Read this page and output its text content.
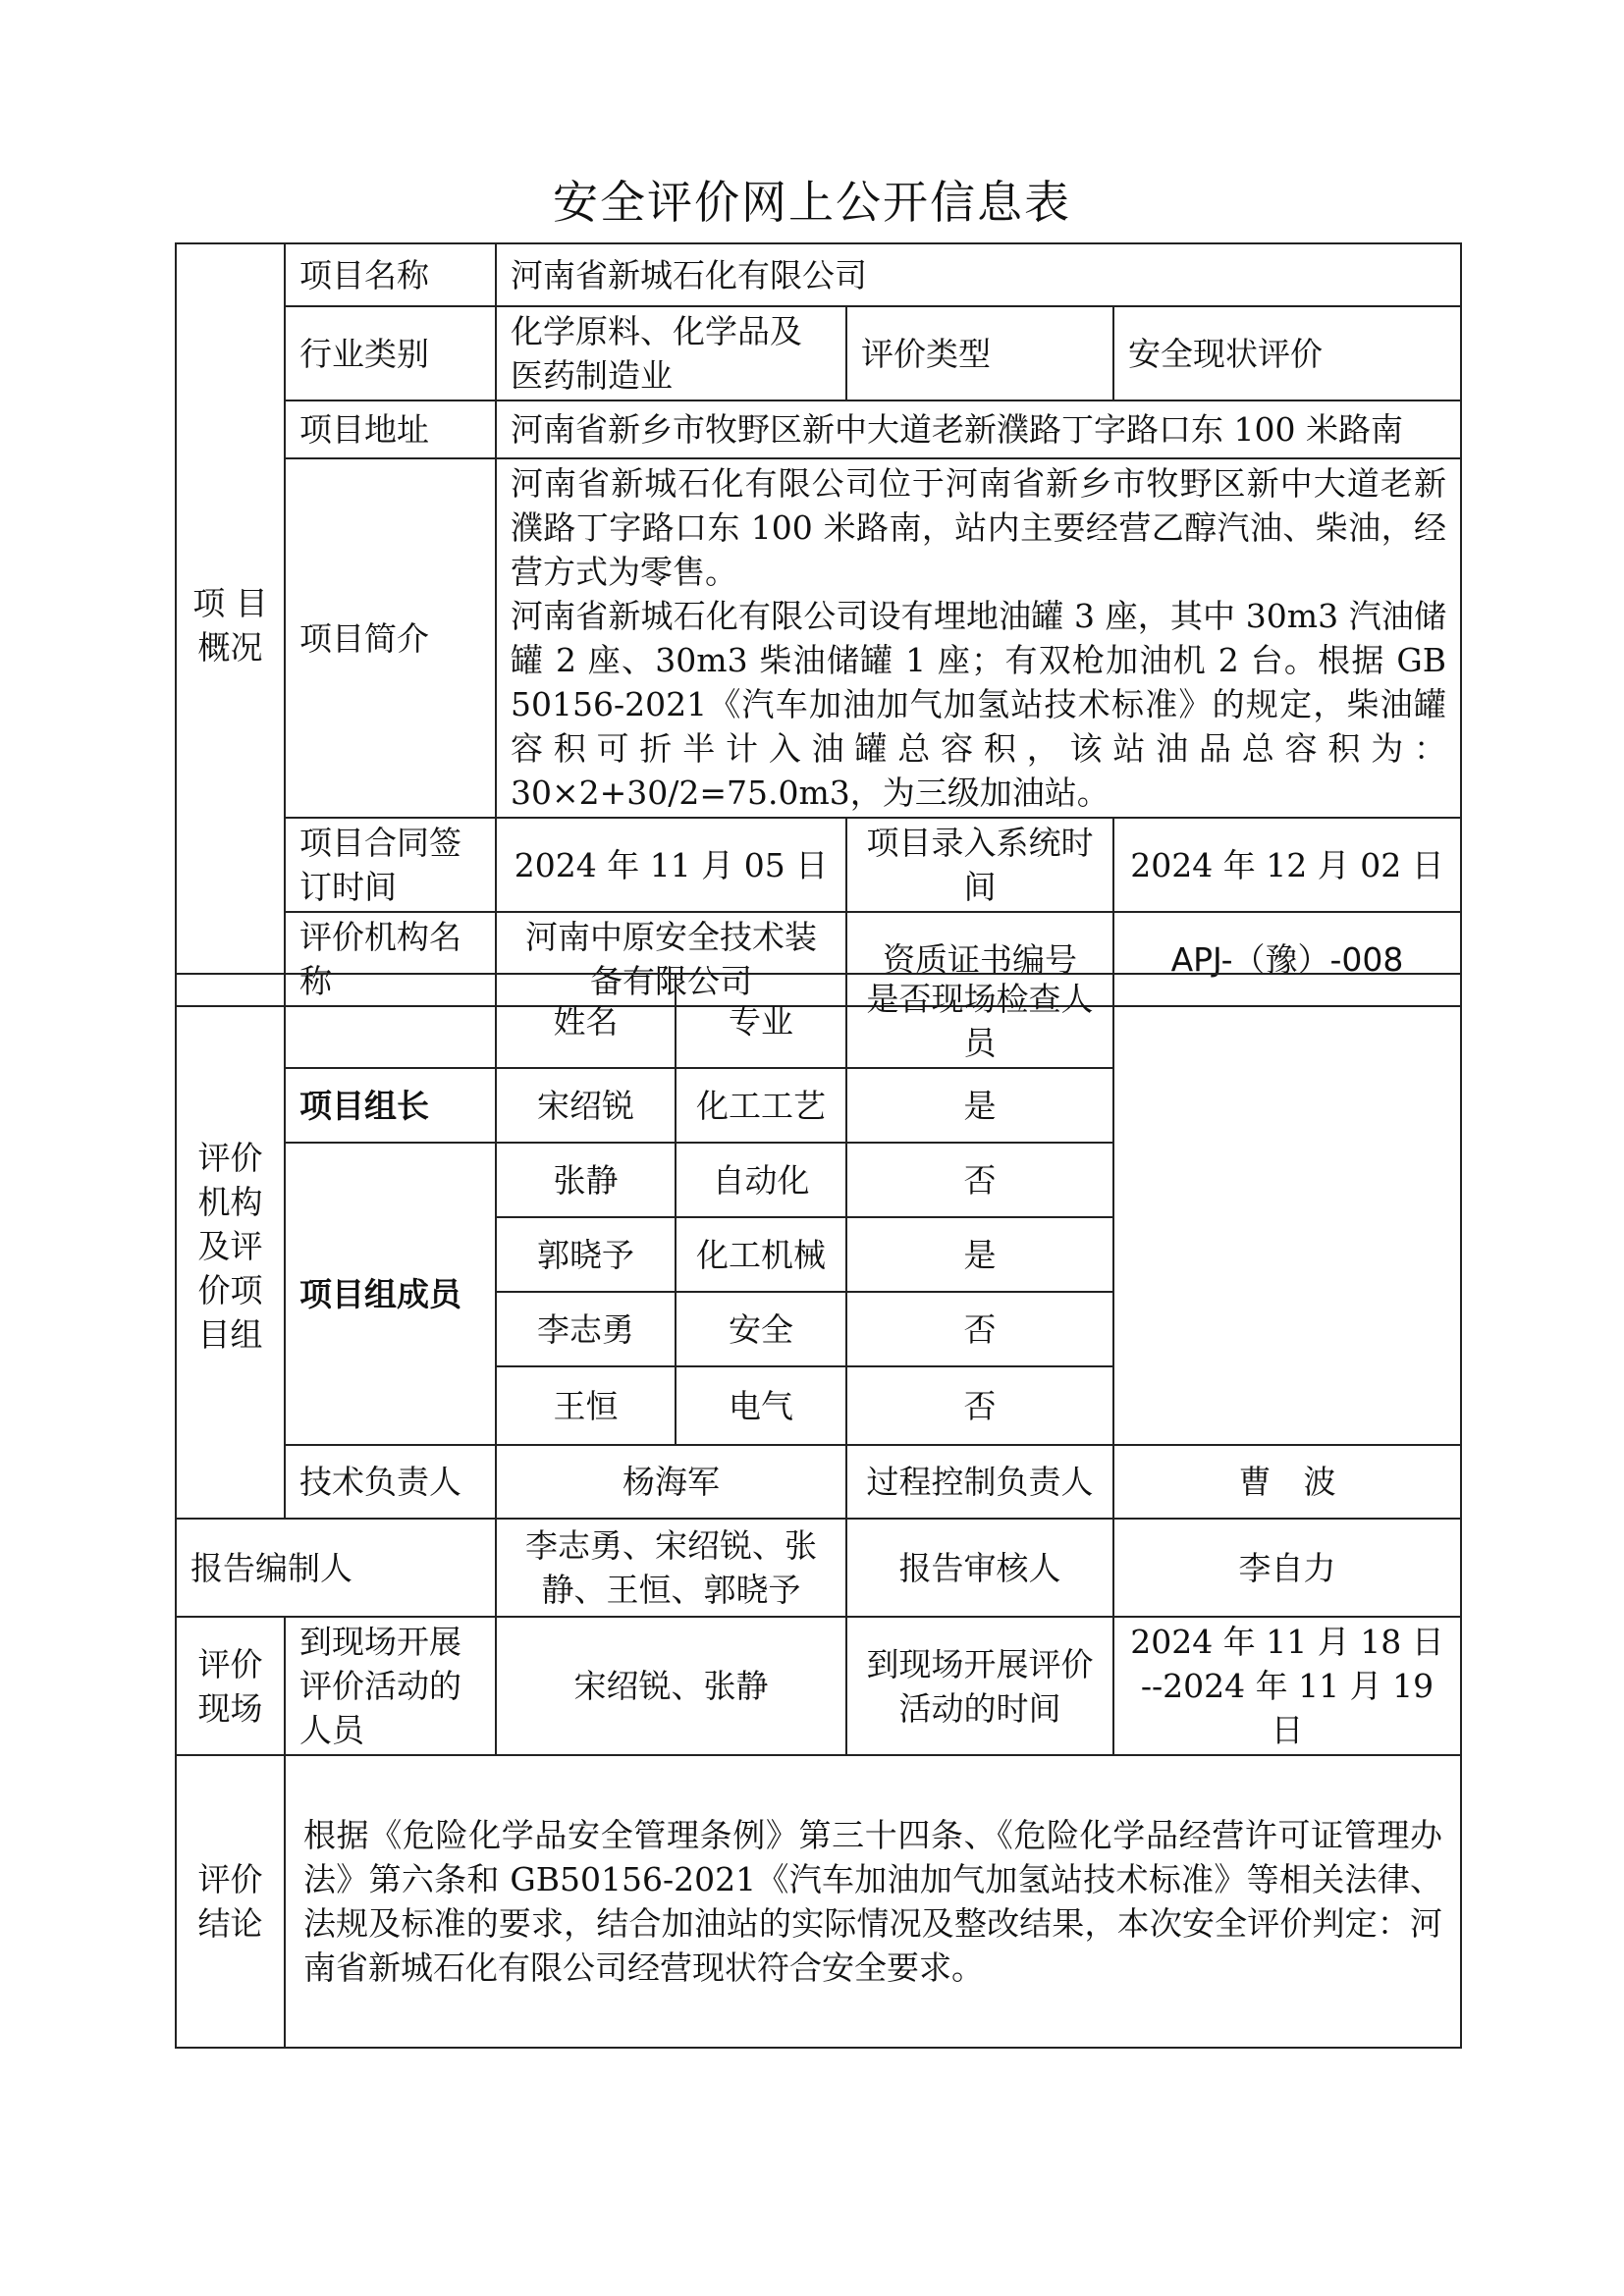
安全评价网上公开信息表
项 目
概况	项目名称	河南省新城石化有限公司		
	行业类别	化学原料、化学品及医药制造业	评价类型	安全现状评价
	项目地址	河南省新乡市牧野区新中大道老新濮路丁字路口东 100 米路南		
	项目简介	河南省新城石化有限公司位于河南省新乡市牧野区新中大道老新濮路丁字路口东 100 米路南，站内主要经营乙醇汽油、柴油，经营方式为零售。
河南省新城石化有限公司设有埋地油罐 3 座，其中 30m3 汽油储罐 2 座、30m3 柴油储罐 1 座；有双枪加油机 2 台。根据 GB 50156-2021《汽车加油加气加氢站技术标准》的规定，柴油罐容积可折半计入油罐总容积，该站油品总容积为：30×2+30/2=75.0m3，为三级加油站。		

	项目合同签订时间	2024 年 11 月 05 日	项目录入系统时间	2024 年 12 月 02 日
	评价机构名称	河南中原安全技术装备有限公司	资质证书编号	APJ-（豫）-008
评价
机构
及评
价项
目组		姓名	专业	是否现场检查人员	
	项目组长	宋绍锐	化工工艺	是	
	项目组成员	张静	自动化	否	
		郭晓予	化工机械	是	
		李志勇	安全	否	
		王恒	电气	否	
	技术负责人	杨海军		过程控制负责人	曹　波
报告编制人		李志勇、宋绍锐、张静、王恒、郭晓予		报告审核人	李自力
评价
现场	到现场开展评价活动的人员	宋绍锐、张静		到现场开展评价活动的时间	2024 年 11 月 18 日
--2024 年 11 月 19 日
评价
结论	根据《危险化学品安全管理条例》第三十四条、《危险化学品经营许可证管理办法》第六条和 GB50156-2021《汽车加油加气加氢站技术标准》等相关法律、法规及标准的要求，结合加油站的实际情况及整改结果，本次安全评价判定：河南省新城石化有限公司经营现状符合安全要求。				
